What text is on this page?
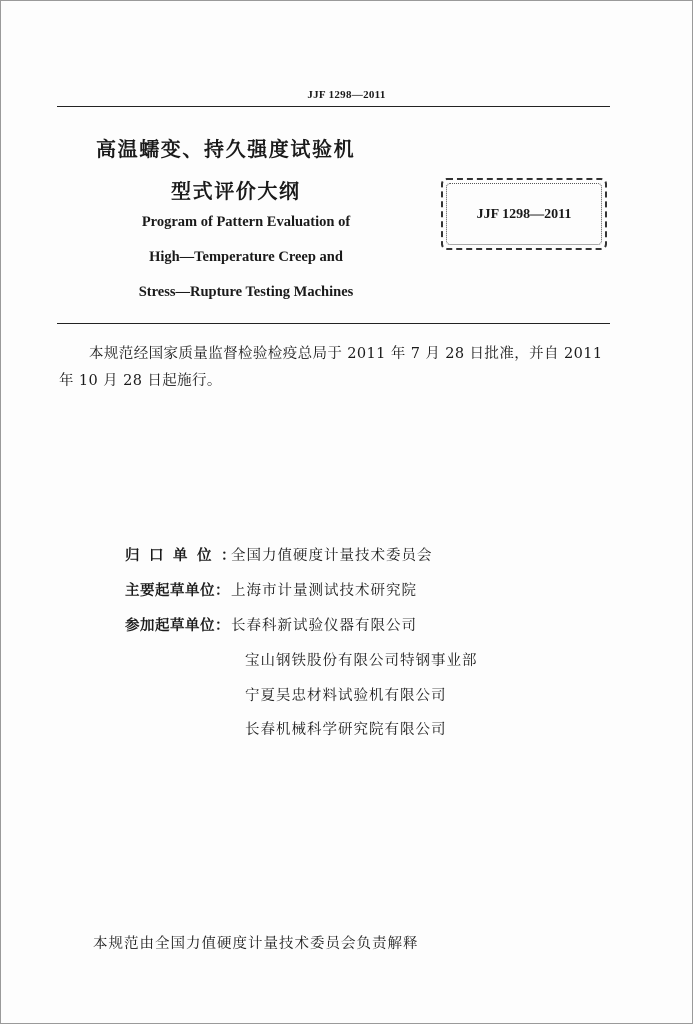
JJF 1298—2011
高温蠕变、持久强度试验机
型式评价大纲
Program of Pattern Evaluation of
High—Temperature Creep and
Stress—Rupture Testing Machines
JJF 1298—2011
本规范经国家质量监督检验检疫总局于 2011 年 7 月 28 日批准，并自 2011 年 10 月 28 日起施行。
归口单位：全国力值硬度计量技术委员会
主要起草单位：上海市计量测试技术研究院
参加起草单位：长春科新试验仪器有限公司
宝山钢铁股份有限公司特钢事业部
宁夏吴忠材料试验机有限公司
长春机械科学研究院有限公司
本规范由全国力值硬度计量技术委员会负责解释
